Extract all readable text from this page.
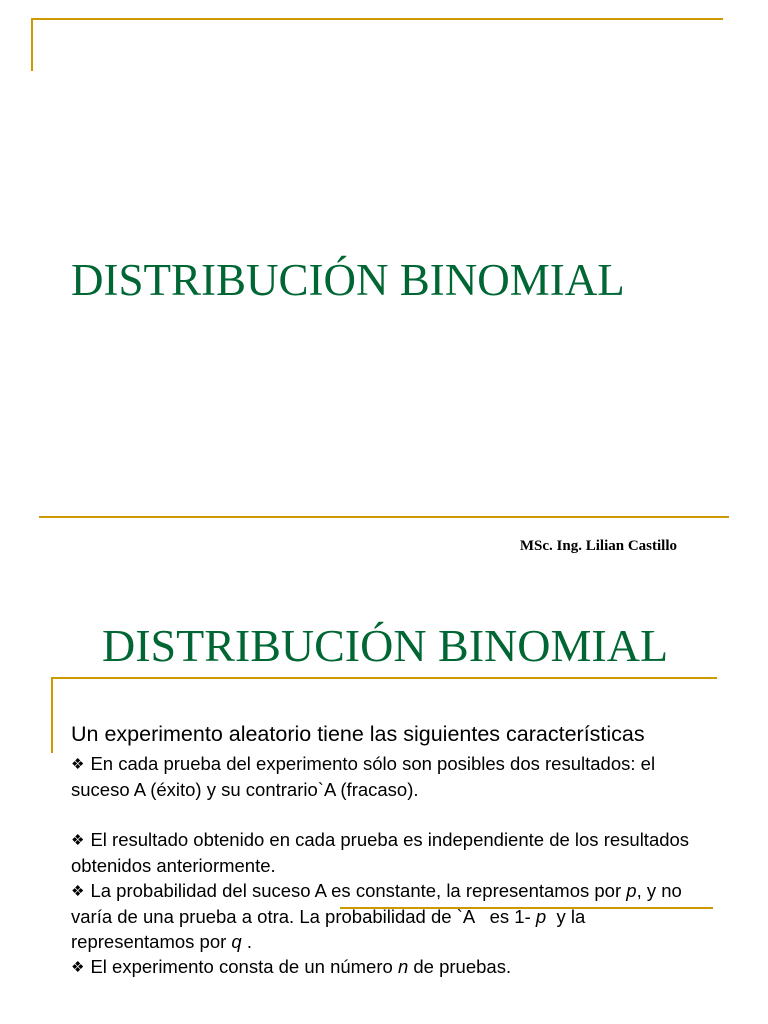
DISTRIBUCIÓN BINOMIAL
MSc. Ing. Lilian Castillo
DISTRIBUCIÓN BINOMIAL

Un experimento aleatorio tiene las siguientes características

❖ En cada prueba del experimento sólo son posibles dos resultados: el suceso A (éxito) y su contrario`A (fracaso).

❖ El resultado obtenido en cada prueba es independiente de los resultados obtenidos anteriormente.

❖ La probabilidad del suceso A es constante, la representamos por p, y no varía de una prueba a otra. La probabilidad de `A   es 1- p  y la representamos por q .

❖ El experimento consta de un número n de pruebas.
